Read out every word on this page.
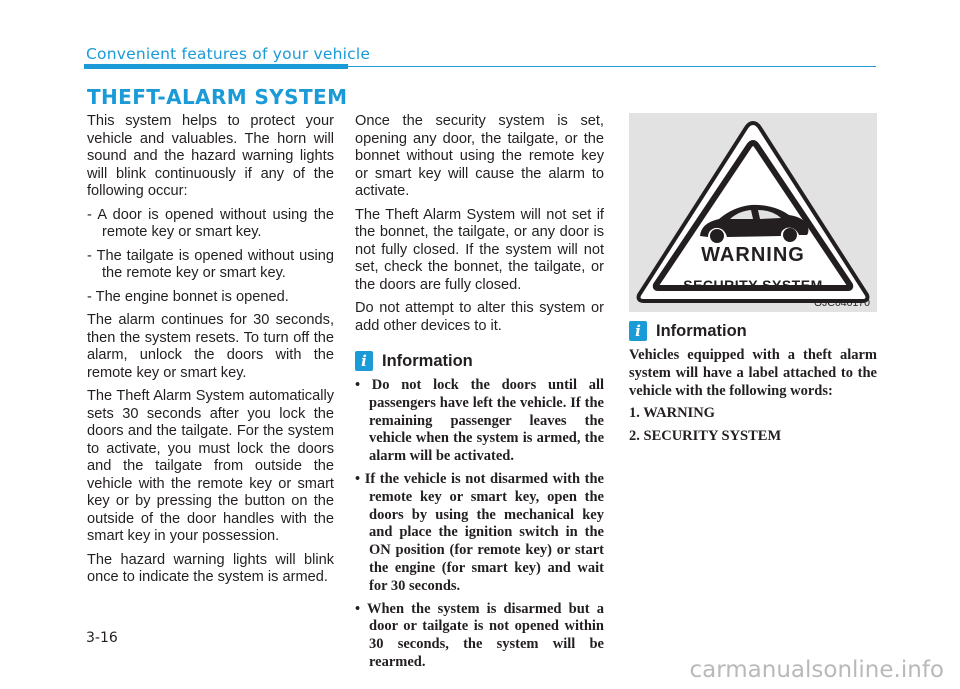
Convenient features of your vehicle
THEFT-ALARM SYSTEM

This system helps to protect your vehicle and valuables. The horn will sound and the hazard warning lights will blink continuously if any of the following occur:

- A door is opened without using the remote key or smart key.

- The tailgate is opened without using the remote key or smart key.

- The engine bonnet is opened.

The alarm continues for 30 seconds, then the system resets. To turn off the alarm, unlock the doors with the remote key or smart key.

The Theft Alarm System automatically sets 30 seconds after you lock the doors and the tailgate. For the system to activate, you must lock the doors and the tailgate from outside the vehicle with the remote key or smart key or by pressing the button on the outside of the door handles with the smart key in your possession.

The hazard warning lights will blink once to indicate the system is armed.

Once the security system is set, opening any door, the tailgate, or the bonnet without using the remote key or smart key will cause the alarm to activate.

The Theft Alarm System will not set if the bonnet, the tailgate, or any door is not fully closed. If the system will not set, check the bonnet, the tailgate, or the doors are fully closed.

Do not attempt to alter this system or add other devices to it.

i Information

• Do not lock the doors until all passengers have left the vehicle. If the remaining passenger leaves the vehicle when the system is armed, the alarm will be activated.

• If the vehicle is not disarmed with the remote key or smart key, open the doors by using the mechanical key and place the ignition switch in the ON position (for remote key) or start the engine (for smart key) and wait for 30 seconds.

• When the system is disarmed but a door or tailgate is not opened within 30 seconds, the system will be rearmed.

WARNING
SECURITY SYSTEM
OJC040170
i Information

Vehicles equipped with a theft alarm system will have a label attached to the vehicle with the following words:

1. WARNING

2. SECURITY SYSTEM

3-16
carmanualsonline.info
